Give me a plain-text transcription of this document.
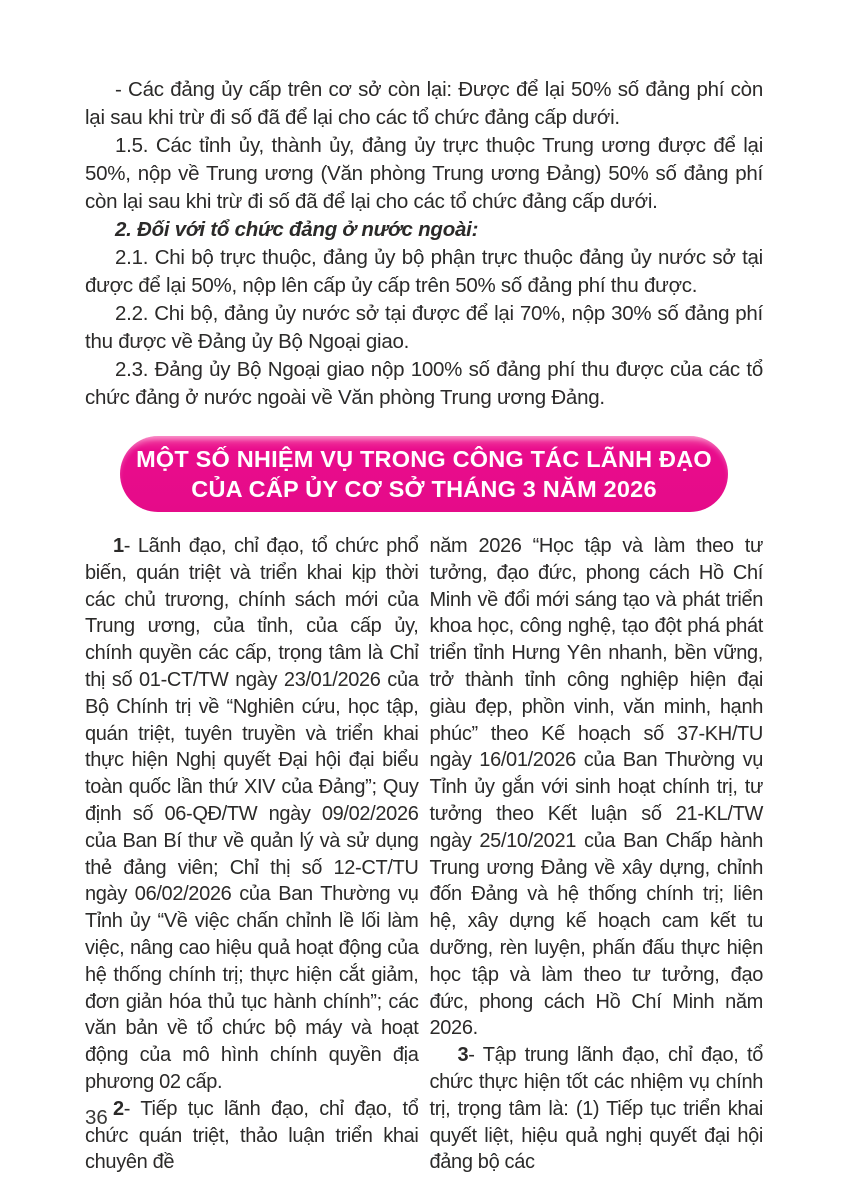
- Các đảng ủy cấp trên cơ sở còn lại: Được để lại 50% số đảng phí còn lại sau khi trừ đi số đã để lại cho các tổ chức đảng cấp dưới.

1.5. Các tỉnh ủy, thành ủy, đảng ủy trực thuộc Trung ương được để lại 50%, nộp về Trung ương (Văn phòng Trung ương Đảng) 50% số đảng phí còn lại sau khi trừ đi số đã để lại cho các tổ chức đảng cấp dưới.

2. Đối với tổ chức đảng ở nước ngoài:

2.1. Chi bộ trực thuộc, đảng ủy bộ phận trực thuộc đảng ủy nước sở tại được để lại 50%, nộp lên cấp ủy cấp trên 50% số đảng phí thu được.

2.2. Chi bộ, đảng ủy nước sở tại được để lại 70%, nộp 30% số đảng phí thu được về Đảng ủy Bộ Ngoại giao.

2.3. Đảng ủy Bộ Ngoại giao nộp 100% số đảng phí thu được của các tổ chức đảng ở nước ngoài về Văn phòng Trung ương Đảng.

MỘT SỐ NHIỆM VỤ TRONG CÔNG TÁC LÃNH ĐẠO
CỦA CẤP ỦY CƠ SỞ THÁNG 3 NĂM 2026

1- Lãnh đạo, chỉ đạo, tổ chức phổ biến, quán triệt và triển khai kịp thời các chủ trương, chính sách mới của Trung ương, của tỉnh, của cấp ủy, chính quyền các cấp, trọng tâm là Chỉ thị số 01-CT/TW ngày 23/01/2026 của Bộ Chính trị về “Nghiên cứu, học tập, quán triệt, tuyên truyền và triển khai thực hiện Nghị quyết Đại hội đại biểu toàn quốc lần thứ XIV của Đảng”; Quy định số 06-QĐ/TW ngày 09/02/2026 của Ban Bí thư về quản lý và sử dụng thẻ đảng viên; Chỉ thị số 12-CT/TU ngày 06/02/2026 của Ban Thường vụ Tỉnh ủy “Về việc chấn chỉnh lề lối làm việc, nâng cao hiệu quả hoạt động của hệ thống chính trị; thực hiện cắt giảm, đơn giản hóa thủ tục hành chính”; các văn bản về tổ chức bộ máy và hoạt động của mô hình chính quyền địa phương 02 cấp.

2- Tiếp tục lãnh đạo, chỉ đạo, tổ chức quán triệt, thảo luận triển khai chuyên đề

năm 2026 “Học tập và làm theo tư tưởng, đạo đức, phong cách Hồ Chí Minh về đổi mới sáng tạo và phát triển khoa học, công nghệ, tạo đột phá phát triển tỉnh Hưng Yên nhanh, bền vững, trở thành tỉnh công nghiệp hiện đại giàu đẹp, phồn vinh, văn minh, hạnh phúc” theo Kế hoạch số 37-KH/TU ngày 16/01/2026 của Ban Thường vụ Tỉnh ủy gắn với sinh hoạt chính trị, tư tưởng theo Kết luận số 21-KL/TW ngày 25/10/2021 của Ban Chấp hành Trung ương Đảng về xây dựng, chỉnh đốn Đảng và hệ thống chính trị; liên hệ, xây dựng kế hoạch cam kết tu dưỡng, rèn luyện, phấn đấu thực hiện học tập và làm theo tư tưởng, đạo đức, phong cách Hồ Chí Minh năm 2026.

3- Tập trung lãnh đạo, chỉ đạo, tổ chức thực hiện tốt các nhiệm vụ chính trị, trọng tâm là: (1) Tiếp tục triển khai quyết liệt, hiệu quả nghị quyết đại hội đảng bộ các

36
